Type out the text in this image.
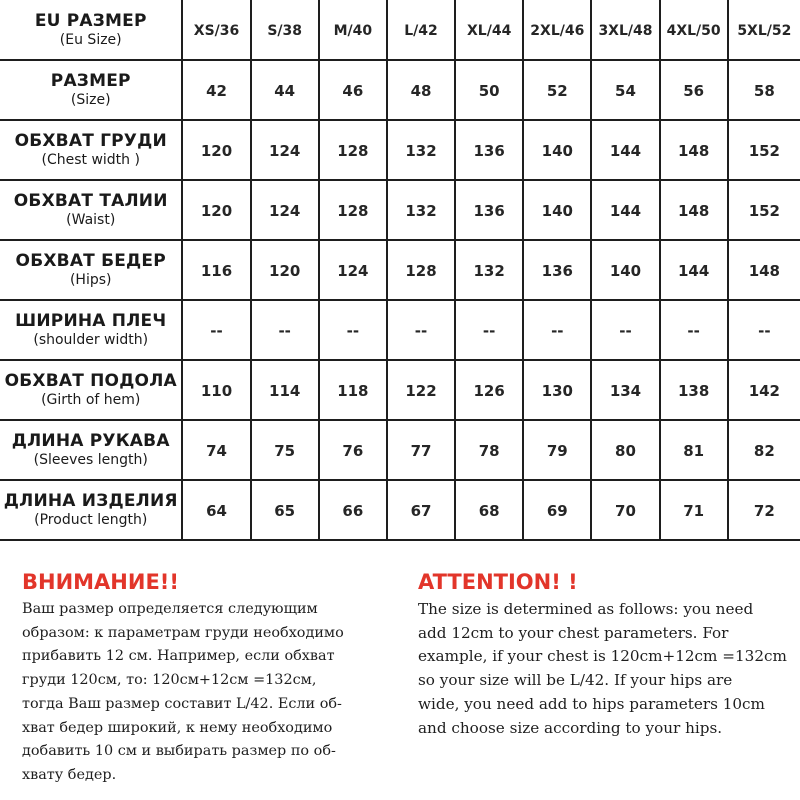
EU РАЗМЕР
(Eu Size)	XS/36	S/38	M/40	L/42	XL/44	2XL/46	3XL/48	4XL/50	5XL/52

РАЗМЕР
(Size)	42	44	46	48	50	52	54	56	58

ОБХВАТ ГРУДИ
(Chest width )	120	124	128	132	136	140	144	148	152

ОБХВАТ ТАЛИИ
(Waist)	120	124	128	132	136	140	144	148	152

ОБХВАТ БЕДЕР
(Hips)	116	120	124	128	132	136	140	144	148

ШИРИНА ПЛЕЧ
(shoulder width)	--	--	--	--	--	--	--	--	--

ОБХВАТ ПОДОЛА
(Girth of hem)	110	114	118	122	126	130	134	138	142

ДЛИНА РУКАВА
(Sleeves length)	74	75	76	77	78	79	80	81	82

ДЛИНА ИЗДЕЛИЯ
(Product length)	64	65	66	67	68	69	70	71	72
ВНИМАНИЕ!!
Ваш размер определяется следующим
образом: к параметрам груди необходимо
прибавить 12 см. Например, если обхват
груди 120cм, то: 120cм+12cм =132cм,
тогда Ваш размер составит L/42. Если об-
хват бедер широкий, к нему необходимо
добавить 10 см и выбирать размер по об-
хвату бедер.
ATTENTION! !
The size is determined as follows: you need
add 12cm to your chest parameters. For
example, if your chest is 120cm+12cm =132cm
so your size will be L/42. If your hips are
wide, you need add to hips parameters 10cm
and choose size according to your hips.
